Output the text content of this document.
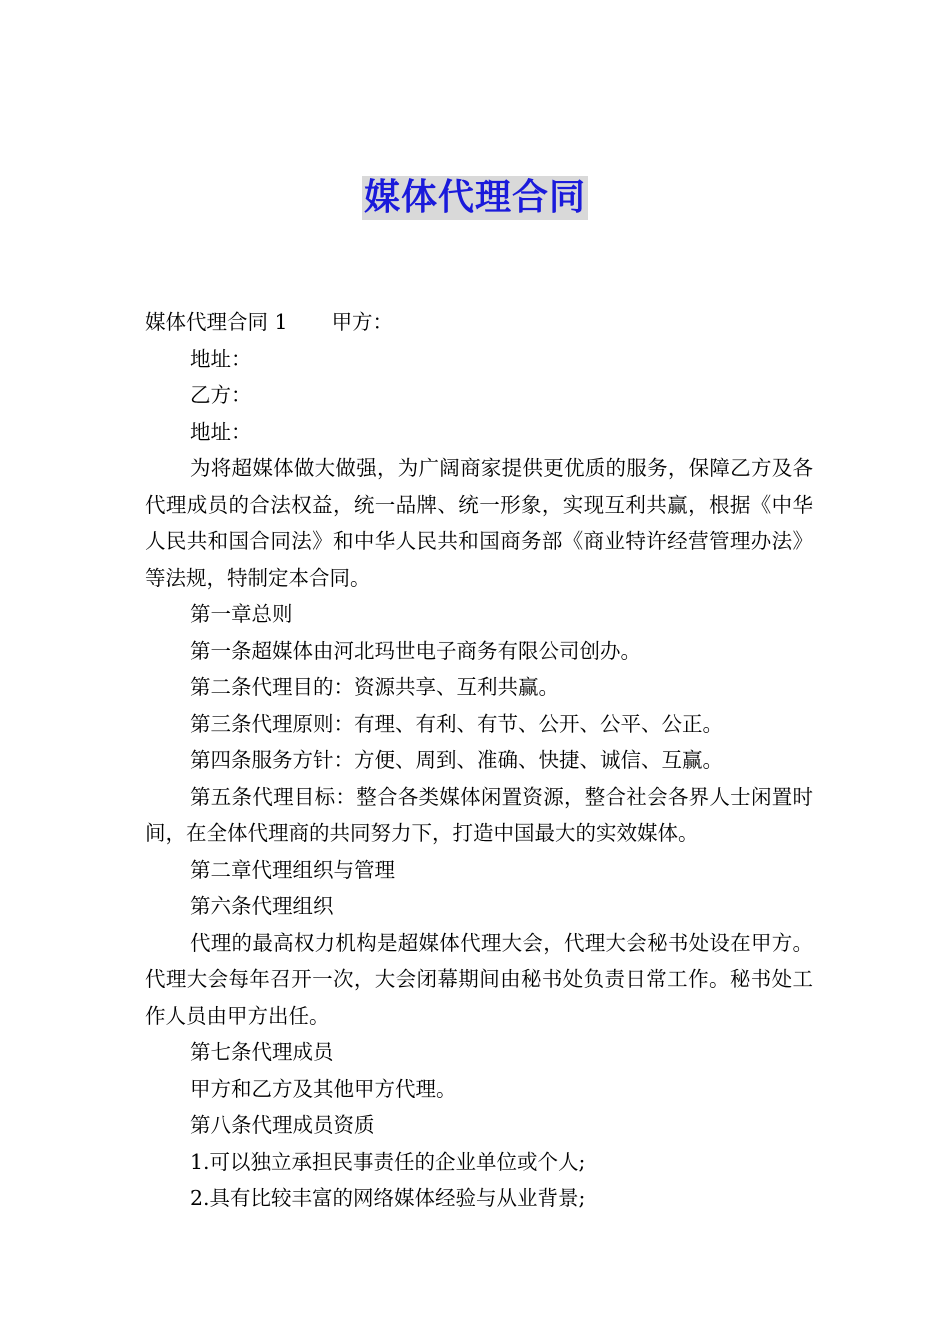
媒体代理合同

媒体代理合同 1 甲方：

地址：

乙方：

地址：

为将超媒体做大做强，为广阔商家提供更优质的服务，保障乙方及各代理成员的合法权益，统一品牌、统一形象，实现互利共赢，根据《中华人民共和国合同法》和中华人民共和国商务部《商业特许经营管理办法》等法规，特制定本合同。

第一章总则

第一条超媒体由河北玛世电子商务有限公司创办。

第二条代理目的：资源共享、互利共赢。

第三条代理原则：有理、有利、有节、公开、公平、公正。

第四条服务方针：方便、周到、准确、快捷、诚信、互赢。

第五条代理目标：整合各类媒体闲置资源，整合社会各界人士闲置时间，在全体代理商的共同努力下，打造中国最大的实效媒体。

第二章代理组织与管理

第六条代理组织

代理的最高权力机构是超媒体代理大会，代理大会秘书处设在甲方。代理大会每年召开一次，大会闭幕期间由秘书处负责日常工作。秘书处工作人员由甲方出任。

第七条代理成员

甲方和乙方及其他甲方代理。

第八条代理成员资质

1.可以独立承担民事责任的企业单位或个人;

2.具有比较丰富的网络媒体经验与从业背景;
